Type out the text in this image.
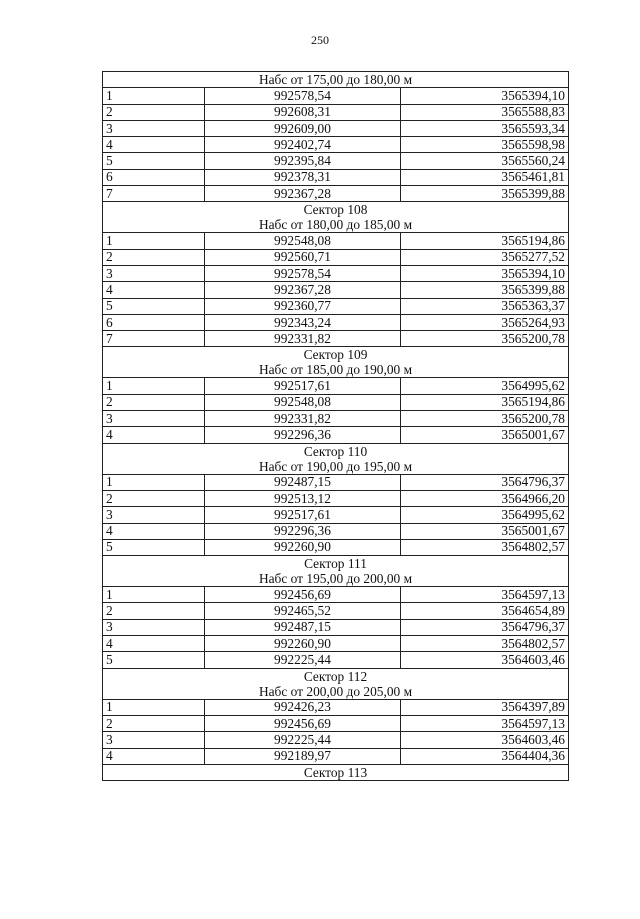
250
Набс от 175,00 до 180,00 м		

1	992578,54	3565394,10
2	992608,31	3565588,83
3	992609,00	3565593,34
4	992402,74	3565598,98
5	992395,84	3565560,24
6	992378,31	3565461,81
7	992367,28	3565399,88

Сектор 108
Набс от 180,00 до 185,00 м		

1	992548,08	3565194,86
2	992560,71	3565277,52
3	992578,54	3565394,10
4	992367,28	3565399,88
5	992360,77	3565363,37
6	992343,24	3565264,93
7	992331,82	3565200,78

Сектор 109
Набс от 185,00 до 190,00 м		

1	992517,61	3564995,62
2	992548,08	3565194,86
3	992331,82	3565200,78
4	992296,36	3565001,67

Сектор 110
Набс от 190,00 до 195,00 м		

1	992487,15	3564796,37
2	992513,12	3564966,20
3	992517,61	3564995,62
4	992296,36	3565001,67
5	992260,90	3564802,57

Сектор 111
Набс от 195,00 до 200,00 м		

1	992456,69	3564597,13
2	992465,52	3564654,89
3	992487,15	3564796,37
4	992260,90	3564802,57
5	992225,44	3564603,46

Сектор 112
Набс от 200,00 до 205,00 м		

1	992426,23	3564397,89
2	992456,69	3564597,13
3	992225,44	3564603,46
4	992189,97	3564404,36

Сектор 113		
